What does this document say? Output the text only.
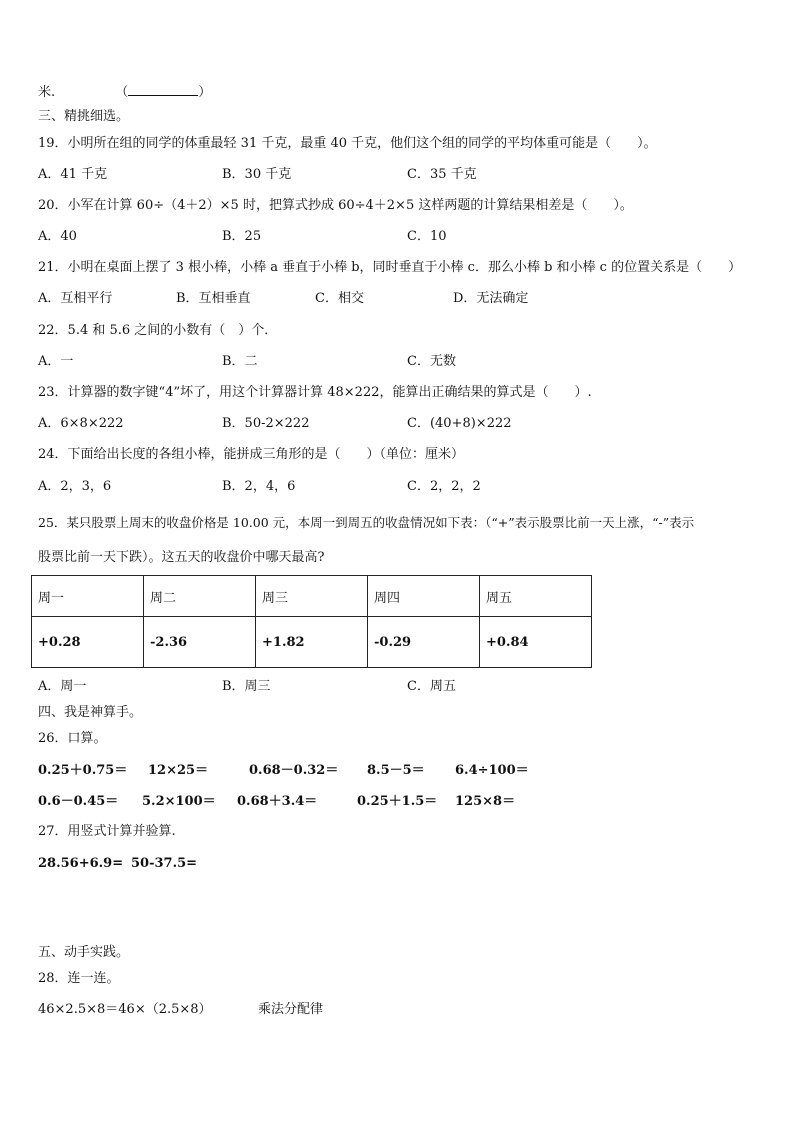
米.	（	）
三、精挑细选。
19．小明所在组的同学的体重最轻 31 千克，最重 40 千克，他们这个组的同学的平均体重可能是（　　）。
A．41 千克	B．30 千克	C．35 千克
20．小军在计算 60÷（4＋2）×5 时，把算式抄成 60÷4＋2×5 这样两题的计算结果相差是（　　）。
A．40	B．25	C．10
21．小明在桌面上摆了 3 根小棒，小棒 a 垂直于小棒 b，同时垂直于小棒 c．那么小棒 b 和小棒 c 的位置关系是（　　）
A．互相平行	B．互相垂直	C．相交	D．无法确定
22．5.4 和 5.6 之间的小数有（　）个．
A．一	B．二	C．无数
23．计算器的数字键“4”坏了，用这个计算器计算 48×222，能算出正确结果的算式是（　　）.
A．6×8×222	B．50-2×222	C．(40+8)×222
24．下面给出长度的各组小棒，能拼成三角形的是（　　）（单位：厘米）
A．2，3，6	B．2，4，6	C．2，2，2
25．某只股票上周末的收盘价格是 10.00 元，本周一到周五的收盘情况如下表：（“+”表示股票比前一天上涨，“-”表示
股票比前一天下跌）。这五天的收盘价中哪天最高?
周一	周二	周三	周四	周五
+0.28	-2.36	+1.82	-0.29	+0.84
A．周一	B．周三	C．周五
四、我是神算手。
26．口算。
0.25＋0.75＝ 12×25＝	0.68－0.32＝ 8.5－5＝ 6.4÷100＝
0.6－0.45＝ 5.2×100＝ 0.68＋3.4＝	0.25＋1.5＝ 125×8＝
27．用竖式计算并验算.
28.56+6.9= 50-37.5=
五、动手实践。
28．连一连。
46×2.5×8＝46×（2.5×8）	乘法分配律
